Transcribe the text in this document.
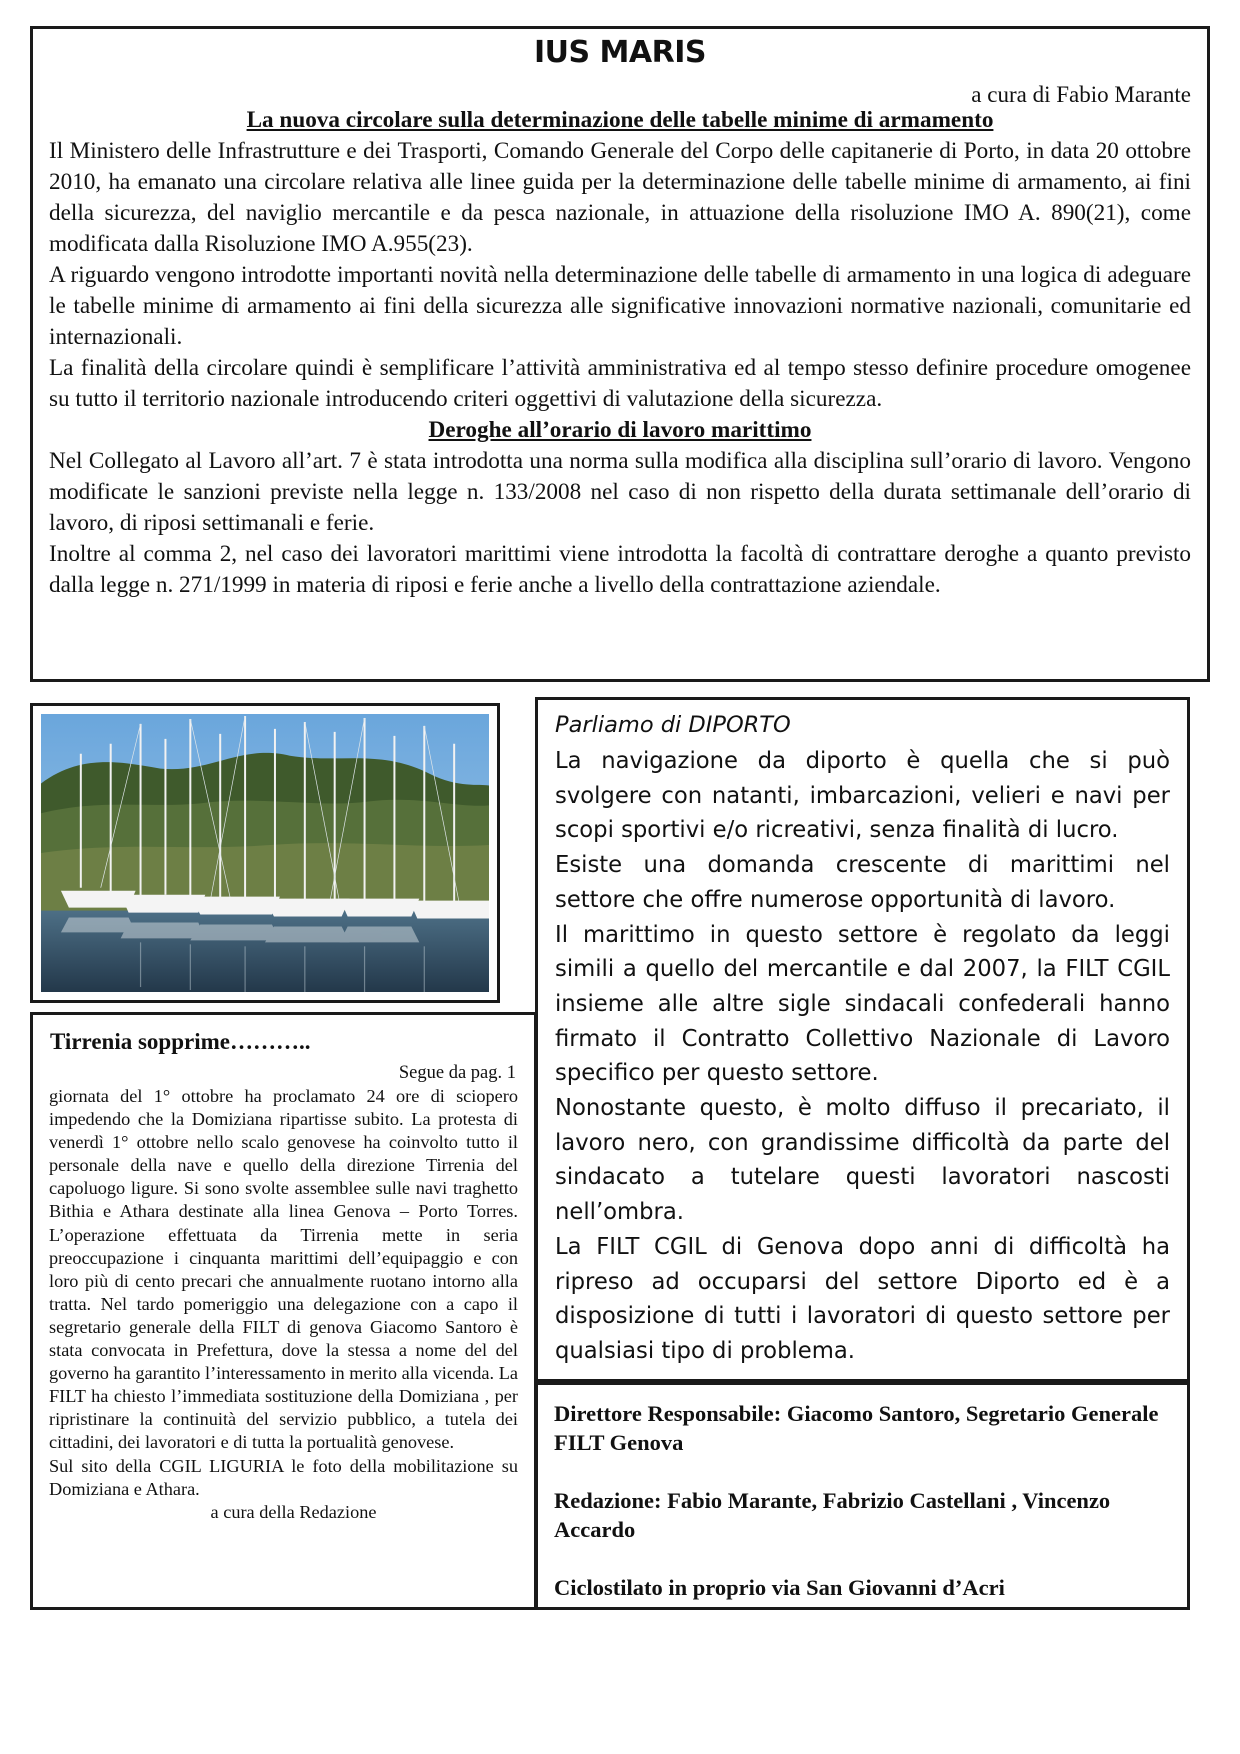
IUS MARIS
a cura di Fabio Marante
La nuova circolare sulla determinazione delle tabelle minime di armamento

Il Ministero delle Infrastrutture e dei Trasporti, Comando Generale del Corpo delle capitanerie di Porto, in data 20 ottobre 2010, ha emanato una circolare relativa alle linee guida per la determinazione delle tabelle minime di armamento, ai fini della sicurezza, del naviglio mercantile e da pesca nazionale, in attuazione della risoluzione IMO A. 890(21), come modificata dalla Risoluzione IMO A.955(23).

A riguardo vengono introdotte importanti novità nella determinazione delle tabelle di armamento in una logica di adeguare le tabelle minime di armamento ai fini della sicurezza alle significative innovazioni normative nazionali, comunitarie ed internazionali.

La finalità della circolare quindi è semplificare l’attività amministrativa ed al tempo stesso definire procedure omogenee su tutto il territorio nazionale introducendo criteri oggettivi di valutazione della sicurezza.

Deroghe all’orario di lavoro marittimo

Nel Collegato al Lavoro all’art. 7 è stata introdotta una norma sulla modifica alla disciplina sull’orario di lavoro. Vengono modificate le sanzioni previste nella legge n. 133/2008 nel caso di non rispetto della durata settimanale dell’orario di lavoro, di riposi settimanali e ferie.

Inoltre al comma 2, nel caso dei lavoratori marittimi viene introdotta la facoltà di contrattare deroghe a quanto previsto dalla legge n. 271/1999 in materia di riposi e ferie anche a livello della contrattazione aziendale.

Tirrenia sopprime………..
Segue da pag. 1
giornata del 1° ottobre ha proclamato 24 ore di sciopero impedendo che la Domiziana ripartisse subito. La protesta di venerdì 1° ottobre nello scalo genovese ha coinvolto tutto il personale della nave e quello della direzione Tirrenia del capoluogo ligure. Si sono svolte assemblee sulle navi traghetto Bithia e Athara destinate alla linea Genova – Porto Torres. L’operazione effettuata da Tirrenia mette in seria preoccupazione i cinquanta marittimi dell’equipaggio e con loro più di cento precari che annualmente ruotano intorno alla tratta. Nel tardo pomeriggio una delegazione con a capo il segretario generale della FILT di genova Giacomo Santoro è stata convocata in Prefettura, dove la stessa a nome del del governo ha garantito l’interessamento in merito alla vicenda. La FILT ha chiesto l’immediata sostituzione della Domiziana , per ripristinare la continuità del servizio pubblico, a tutela dei cittadini, dei lavoratori e di tutta la portualità genovese.
Sul sito della CGIL LIGURIA le foto della mobilitazione su Domiziana e Athara.
a cura della Redazione
Parliamo di DIPORTO

La navigazione da diporto è quella che si può svolgere con natanti, imbarcazioni, velieri e navi per scopi sportivi e/o ricreativi, senza finalità di lucro.

Esiste una domanda crescente di marittimi nel settore che offre numerose opportunità di lavoro.

Il marittimo in questo settore è regolato da leggi simili a quello del mercantile e dal 2007, la FILT CGIL insieme alle altre sigle sindacali confederali hanno firmato il Contratto Collettivo Nazionale di Lavoro specifico per questo settore.

Nonostante questo, è molto diffuso il precariato, il lavoro nero, con grandissime difficoltà da parte del sindacato a tutelare questi lavoratori nascosti nell’ombra.

La FILT CGIL di Genova dopo anni di difficoltà ha ripreso ad occuparsi del settore Diporto ed è a disposizione di tutti i lavoratori di questo settore per qualsiasi tipo di problema.

Direttore Responsabile: Giacomo Santoro, Segretario Generale FILT Genova

Redazione: Fabio Marante, Fabrizio Castellani , Vincenzo Accardo

Ciclostilato in proprio via San Giovanni d’Acri
